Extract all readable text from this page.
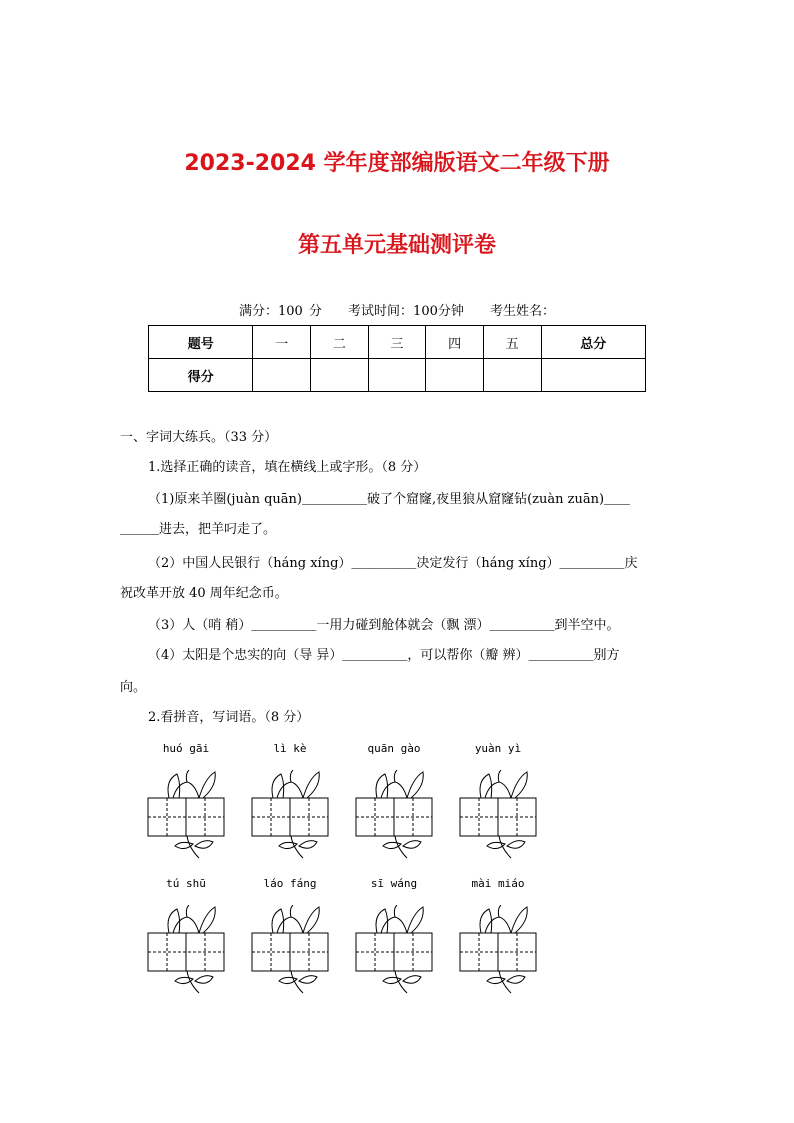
2023-2024 学年度部编版语文二年级下册
第五单元基础测评卷
满分：100 分 考试时间：100分钟 考生姓名：
题号	一	二	三	四	五	总分
得分						
一、字词大练兵。（33 分）
1.选择正确的读音，填在横线上或字形。（8 分）
（1)原来羊圈(juàn quān)＿＿＿＿＿破了个窟窿,夜里狼从窟窿钻(zuàn zuān)＿＿
＿＿＿进去，把羊叼走了。
（2）中国人民银行（háng xíng）＿＿＿＿＿决定发行（háng xíng）＿＿＿＿＿庆
祝改革开放 40 周年纪念币。
（3）人（哨 稍）＿＿＿＿＿一用力碰到舱体就会（飘 漂）＿＿＿＿＿到半空中。
（4）太阳是个忠实的向（导 异）＿＿＿＿＿，可以帮你（瓣 辨）＿＿＿＿＿别方
向。
2.看拼音，写词语。（8 分）
huó gāi	lì kè	quān gào	yuàn yì
tú shū	láo fáng	sī wáng	mài miáo
